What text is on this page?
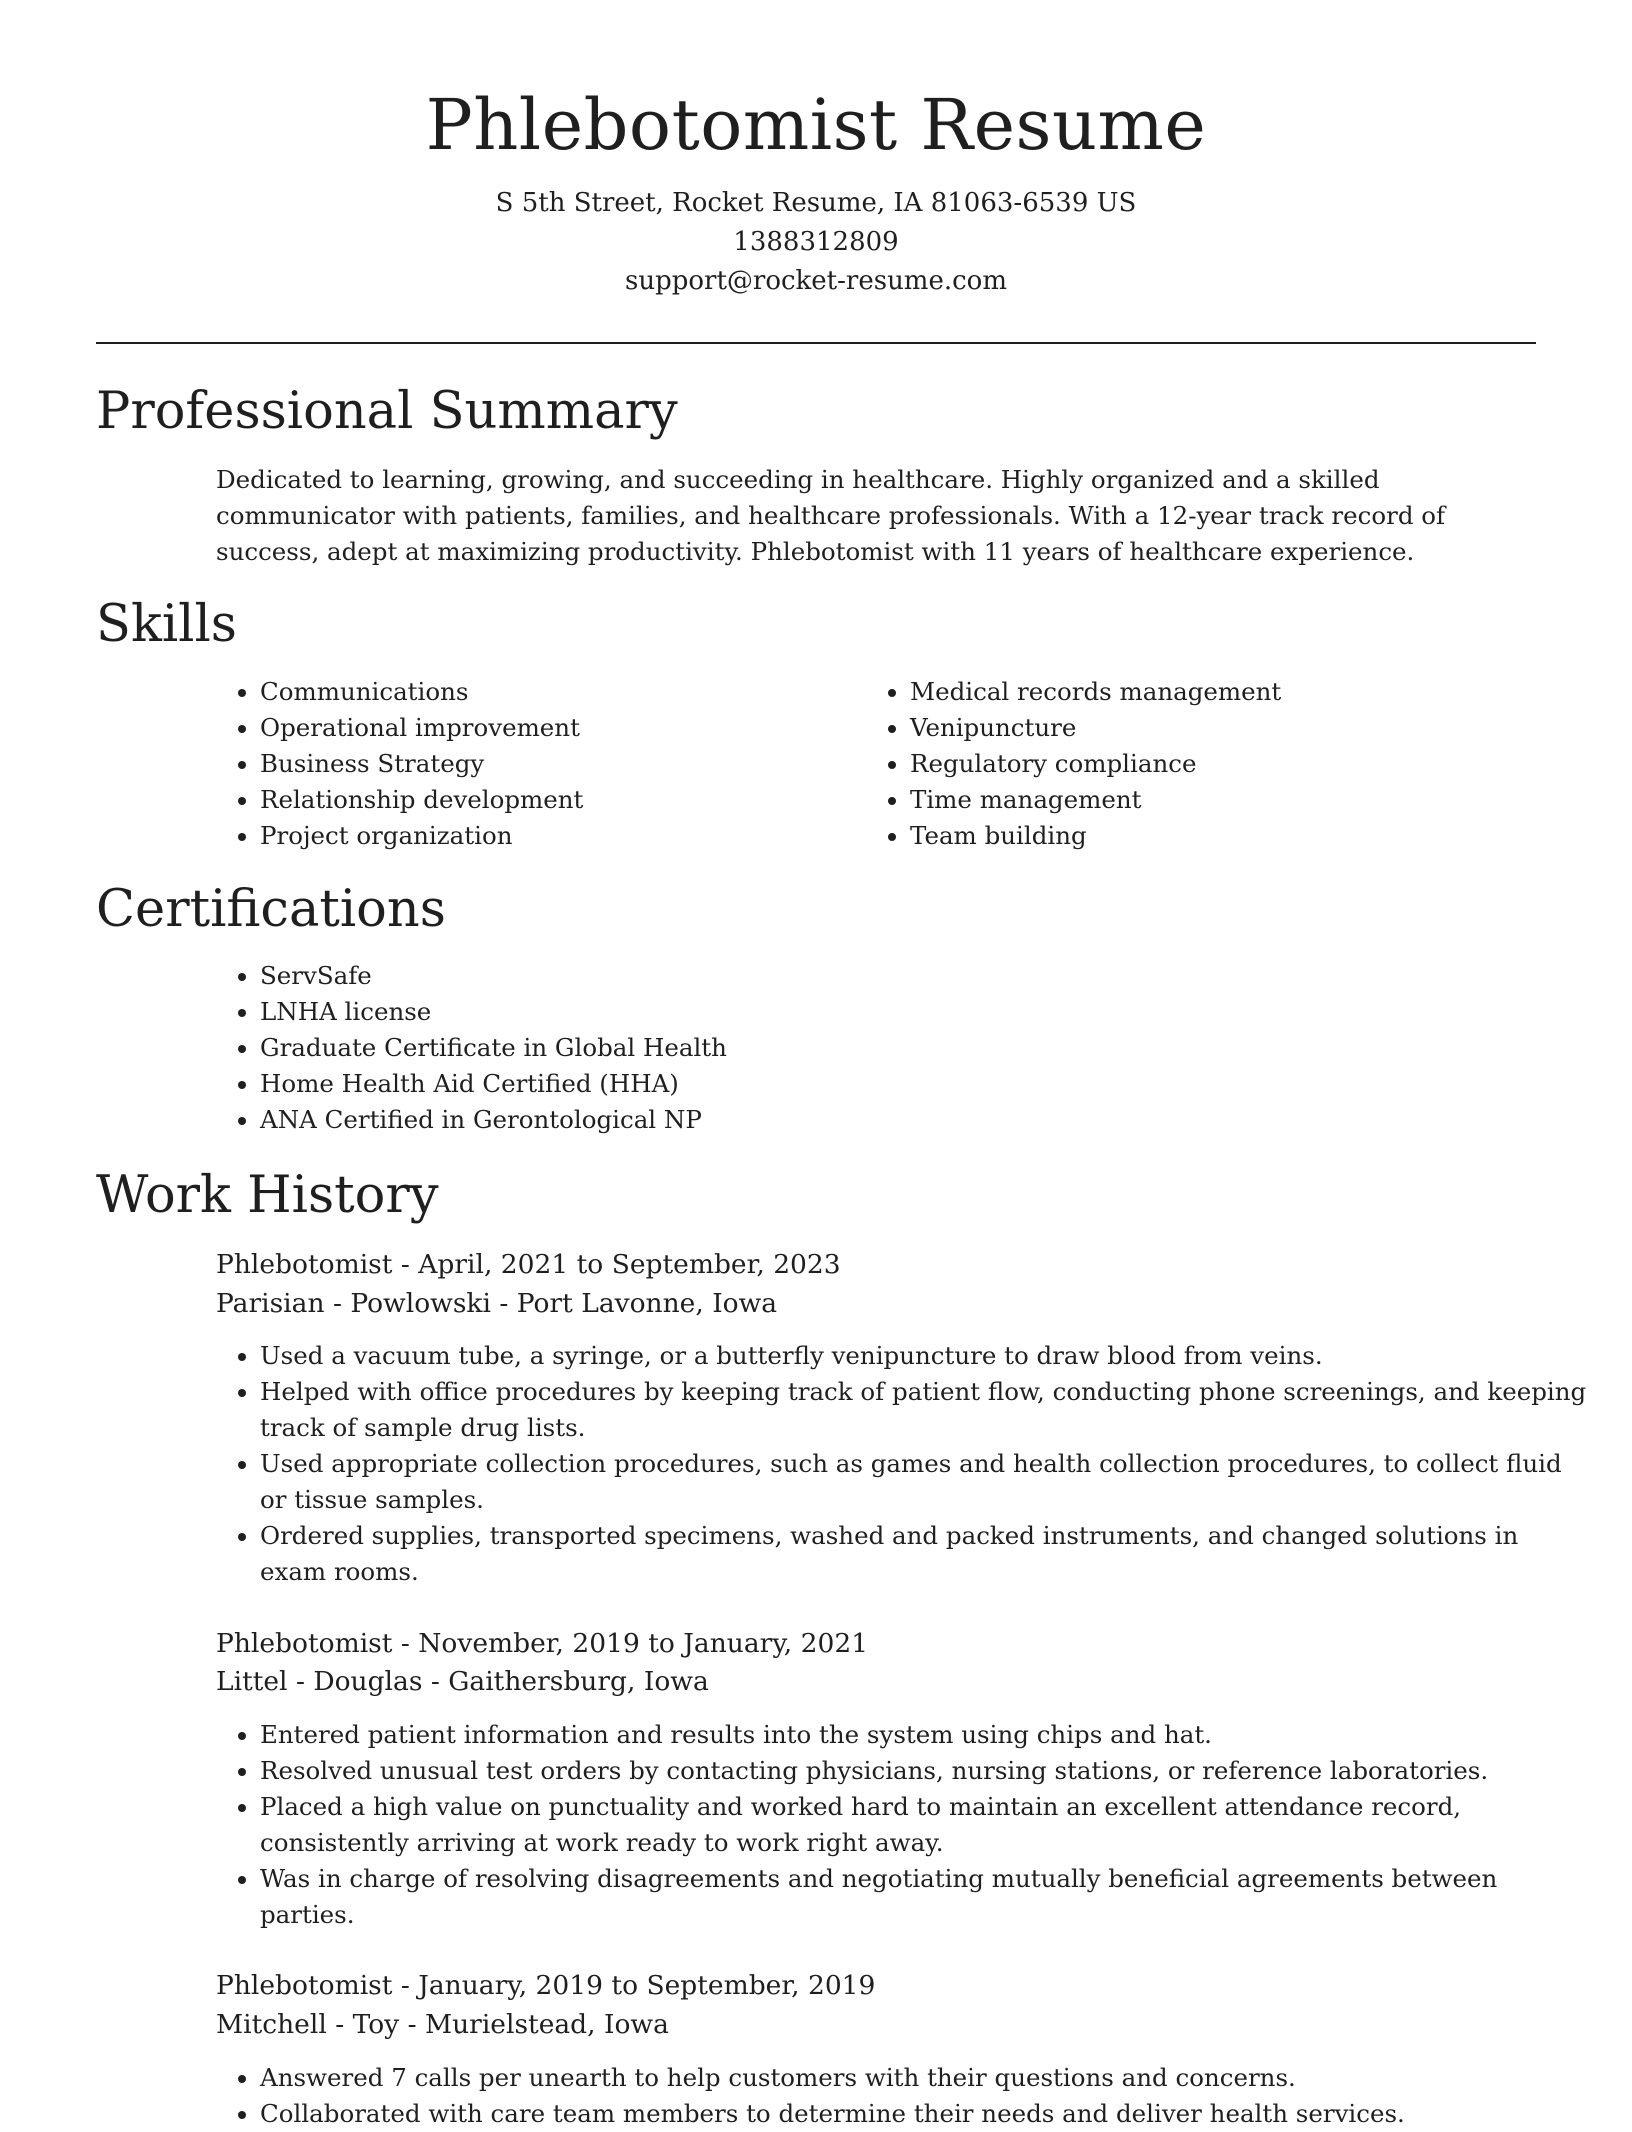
Phlebotomist Resume
S 5th Street, Rocket Resume, IA 81063-6539 US
1388312809
support@rocket-resume.com
Professional Summary

Dedicated to learning, growing, and succeeding in healthcare. Highly organized and a skilled communicator with patients, families, and healthcare professionals. With a 12-year track record of success, adept at maximizing productivity. Phlebotomist with 11 years of healthcare experience.

Skills
• Communications
• Operational improvement
• Business Strategy
• Relationship development
• Project organization
• Medical records management
• Venipuncture
• Regulatory compliance
• Time management
• Team building
Certifications
• ServSafe
• LNHA license
• Graduate Certificate in Global Health
• Home Health Aid Certified (HHA)
• ANA Certified in Gerontological NP
Work History
Phlebotomist - April, 2021 to September, 2023
Parisian - Powlowski - Port Lavonne, Iowa
• Used a vacuum tube, a syringe, or a butterfly venipuncture to draw blood from veins.
• Helped with office procedures by keeping track of patient flow, conducting phone screenings, and keeping track of sample drug lists.
• Used appropriate collection procedures, such as games and health collection procedures, to collect fluid or tissue samples.
• Ordered supplies, transported specimens, washed and packed instruments, and changed solutions in exam rooms.
Phlebotomist - November, 2019 to January, 2021
Littel - Douglas - Gaithersburg, Iowa
• Entered patient information and results into the system using chips and hat.
• Resolved unusual test orders by contacting physicians, nursing stations, or reference laboratories.
• Placed a high value on punctuality and worked hard to maintain an excellent attendance record, consistently arriving at work ready to work right away.
• Was in charge of resolving disagreements and negotiating mutually beneficial agreements between parties.
Phlebotomist - January, 2019 to September, 2019
Mitchell - Toy - Murielstead, Iowa
• Answered 7 calls per unearth to help customers with their questions and concerns.
• Collaborated with care team members to determine their needs and deliver health services.
